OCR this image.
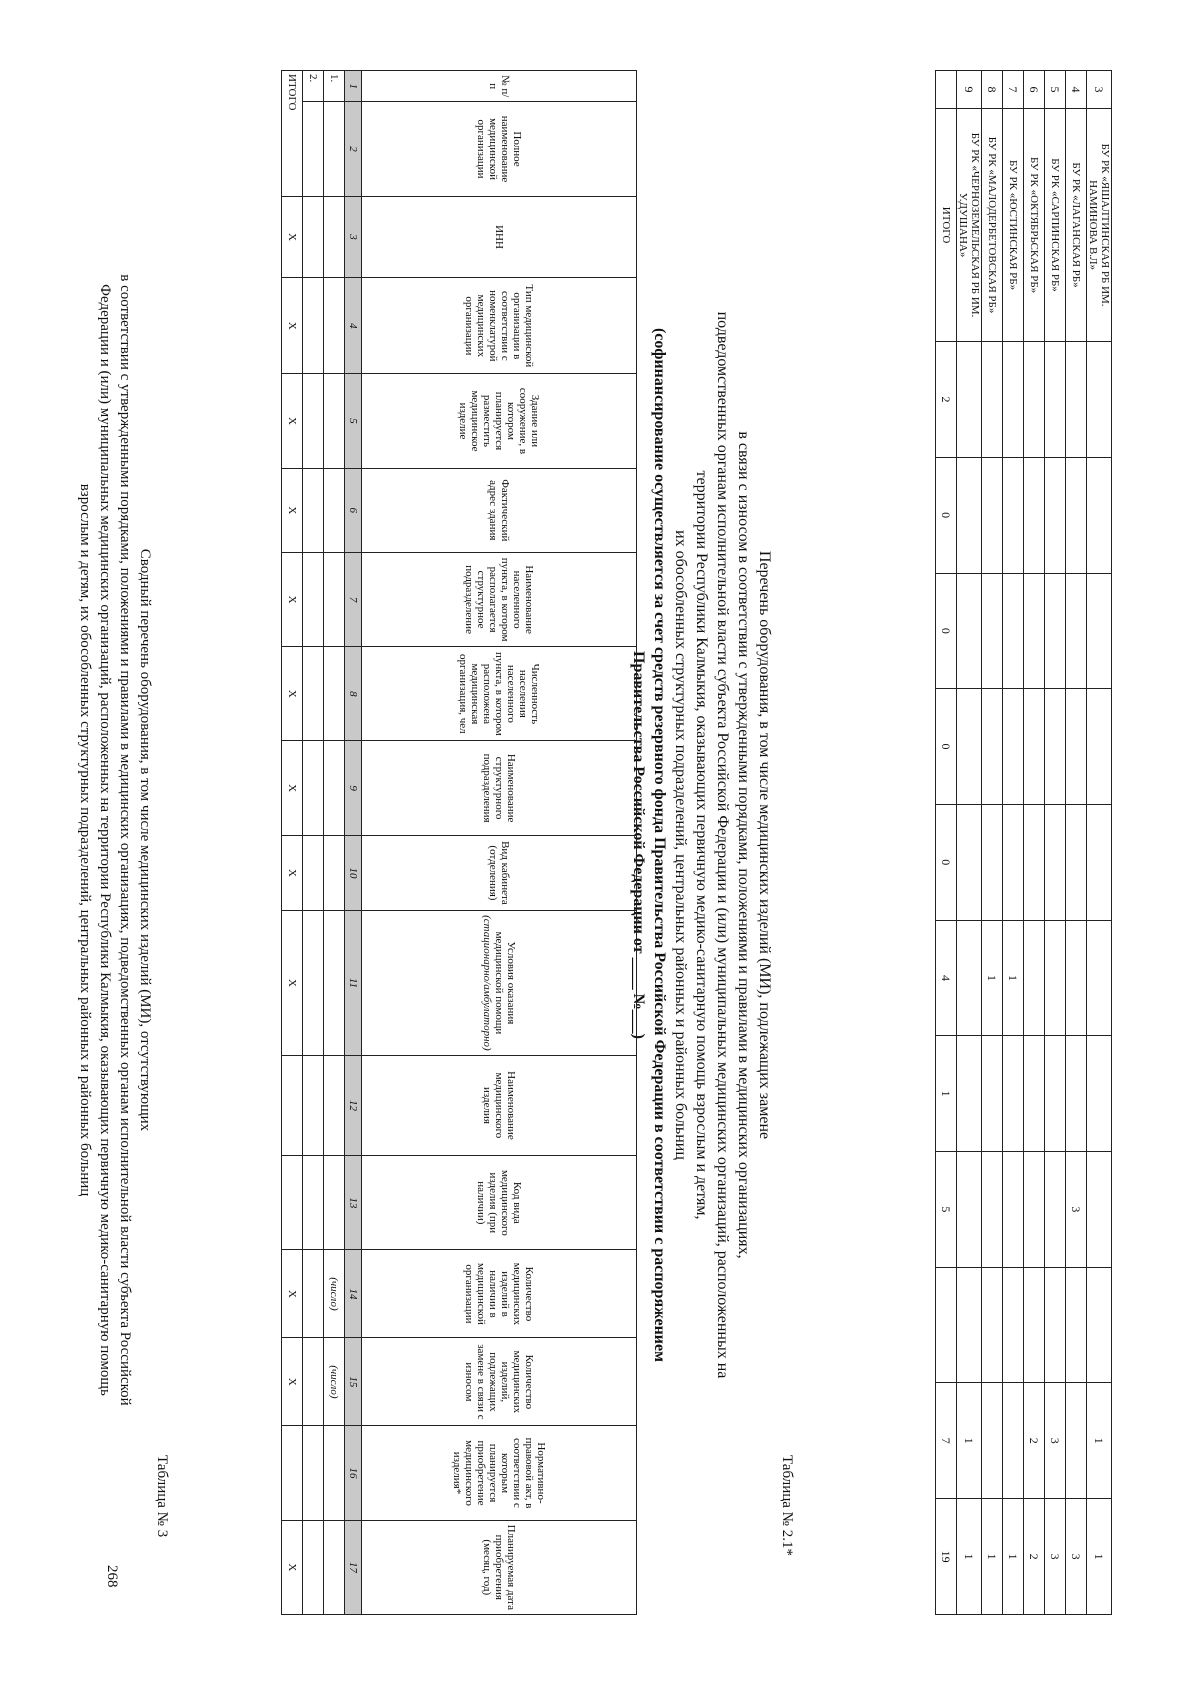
3	БУ РК «ЯШАЛТИНСКАЯ РБ ИМ. НАМИНОВА В.Л»										1	1
4	БУ РК «ЛАГАНСКАЯ РБ»								3			3
5	БУ РК «САРПИНСКАЯ РБ»										3	3
6	БУ РК «ОКТЯБРЬСКАЯ РБ»										2	2
7	БУ РК «ЮСТИНСКАЯ РБ»						1					1
8	БУ РК «МАЛОДЕРБЕТОВСКАЯ РБ»						1					1
9	БУ РК «ЧЕРНОЗЕМЕЛЬСКАЯ РБ ИМ. У.ДУШАНА»										1	1
	ИТОГО	2	0	0	0	0	4	1	5		7	19
Таблица № 2.1*
Перечень оборудования, в том числе медицинских изделий (МИ), подлежащих замене
в связи с износом в соответствии с утвержденными порядками, положениями и правилами в медицинских организациях,
подведомственных органам исполнительной власти субъекта Российской Федерации и (или) муниципальных медицинских организаций, расположенных на
территории Республики Калмыкия, оказывающих первичную медико-санитарную помощь взрослым и детям,
их обособленных структурных подразделений, центральных районных и районных больниц
(софинансирование осуществляется за счет средств резервного фонда Правительства Российской Федерации в соответствии с распоряжением
Правительства Российской Федерации от ____ №___)
№ п/п	Полное наименование медицинской организации	ИНН	Тип медицинской организации в соответствии с номенклатурой медицинских организации	Здание или сооружение, в котором планируется разместить медицинское изделие	Фактический адрес здания	Наименование населенного пункта, в котором располагается структурное подразделение	Численность населения населенного пункта, в котором расположена медицинская организация, чел	Наименование структурного подразделения	Вид кабинета (отделения)	Условия оказания медицинской помощи
(стационарно/амбулаторно)	Наименование медицинского изделия	Код вида медицинского изделия (при наличии)	Количество медицинских изделий в наличии в медицинской организации	Количество медицинских изделий, подлежащих замене в связи с износом	Нормативно-правовой акт, в соответствии с которым планируется приобретение медицинского изделия*	Планируемая дата приобретения (месяц, год)
1	2	3	4	5	6	7	8	9	10	11	12	13	14	15	16	17
1.													(число)	(число)		
2.																
ИТОГО		Х	Х	Х	Х	Х	Х	Х	Х	Х			Х	Х		Х
Таблица № 3
Сводный перечень оборудования, в том числе медицинских изделий (МИ), отсутствующих
в соответствии с утвержденными порядками, положениями и правилами в медицинских организациях, подведомственных органам исполнительной власти субъекта Российской
Федерации и (или) муниципальных медицинских организаций, расположенных на территории Республики Калмыкия, оказывающих первичную медико-санитарную помощь
взрослым и детям, их обособленных структурных подразделений, центральных районных и районных больниц
268
